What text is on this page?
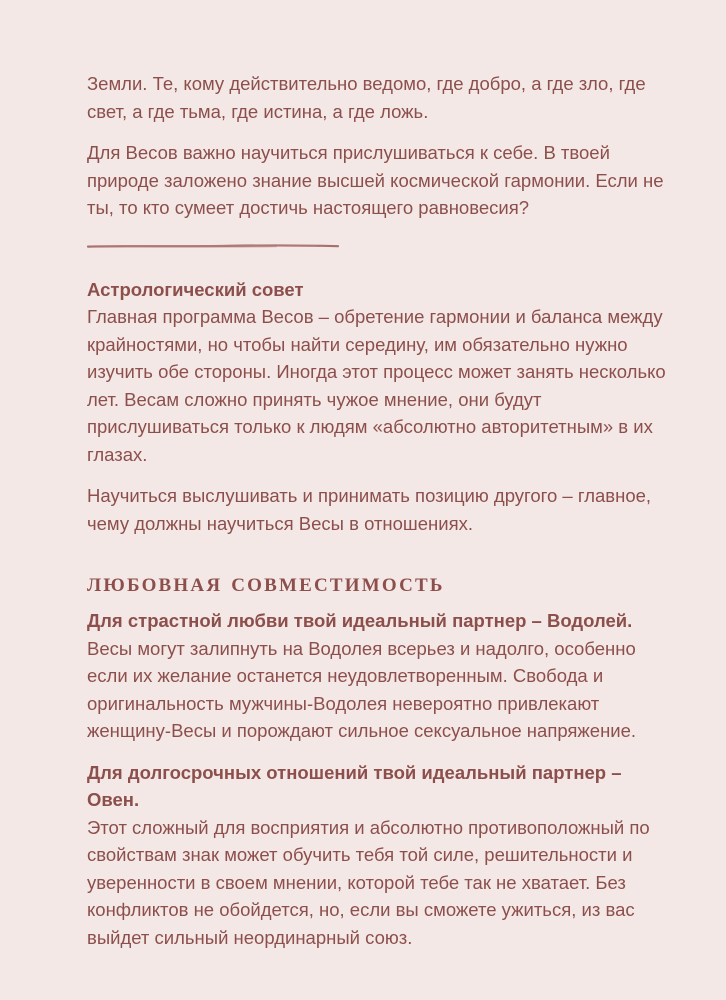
Земли. Те, кому действительно ведомо, где добро, а где зло, где свет, а где тьма, где истина, а где ложь.

Для Весов важно научиться прислушиваться к себе. В твоей природе заложено знание высшей космической гармонии. Если не ты, то кто сумеет достичь настоящего равновесия?

Астрологический совет

Главная программа Весов – обретение гармонии и баланса между крайностями, но чтобы найти середину, им обязательно нужно изучить обе стороны. Иногда этот процесс может занять несколько лет. Весам сложно принять чужое мнение, они будут прислушиваться только к людям «абсолютно авторитетным» в их глазах.

Научиться выслушивать и принимать позицию другого – главное, чему должны научиться Весы в отношениях.

любовная совместимость

Для страстной любви твой идеальный партнер – Водолей.
Весы могут залипнуть на Водолея всерьез и надолго, особенно если их желание останется неудовлетворенным. Свобода и оригинальность мужчины-Водолея невероятно привлекают женщину-Весы и порождают сильное сексуальное напряжение.

Для долгосрочных отношений твой идеальный партнер – Овен.
Этот сложный для восприятия и абсолютно противоположный по свойствам знак может обучить тебя той силе, решительности и уверенности в своем мнении, которой тебе так не хватает. Без конфликтов не обойдется, но, если вы сможете ужиться, из вас выйдет сильный неординарный союз.
